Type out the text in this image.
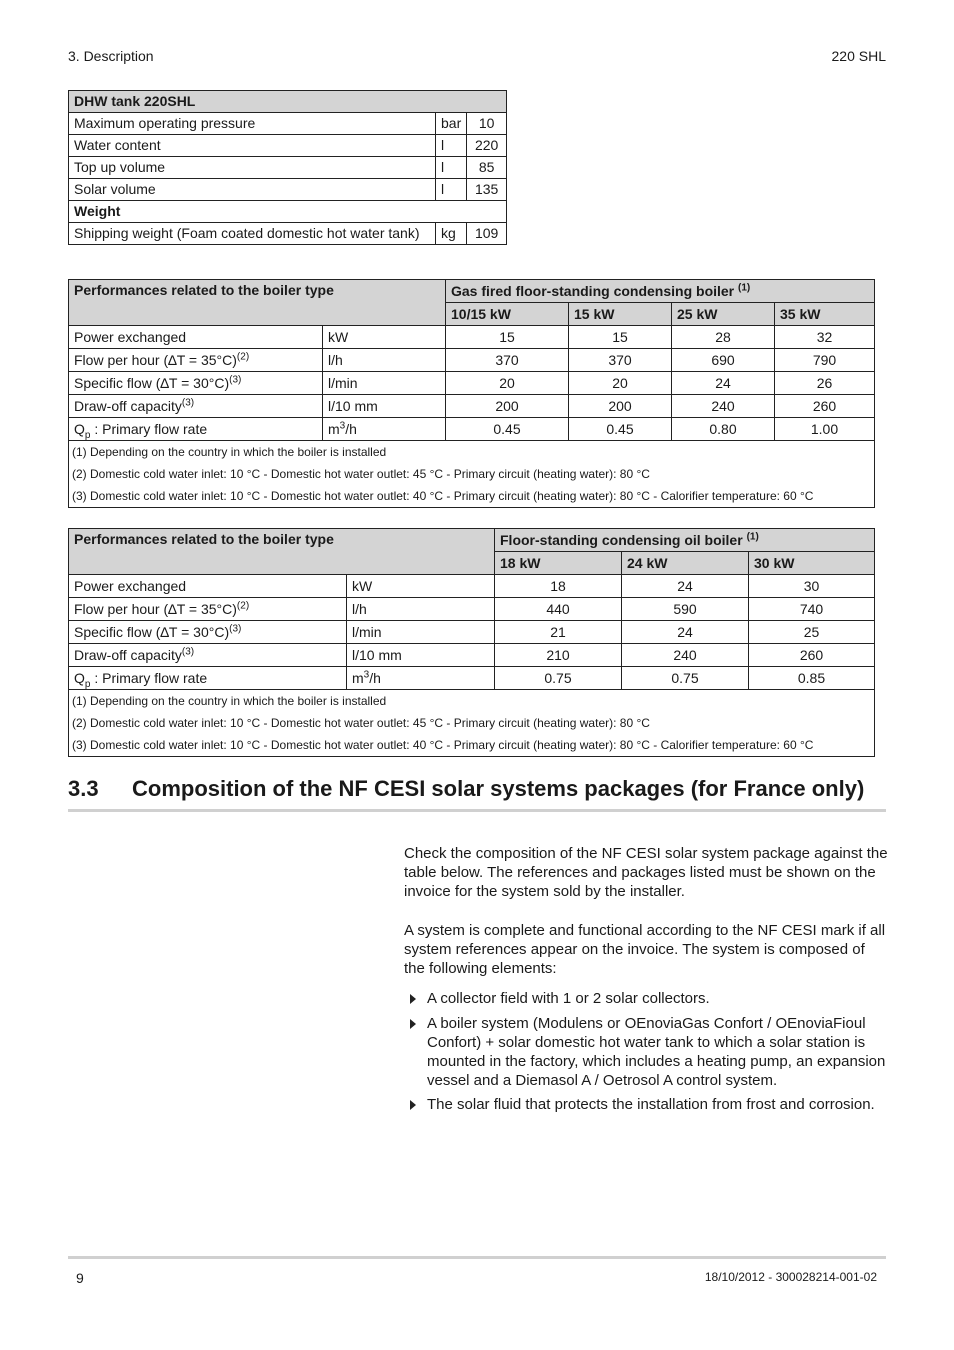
3. Description	220 SHL
DHW tank 220SHL		
Maximum operating pressure	bar	10
Water content	l	220
Top up volume	l	85
Solar volume	l	135
Weight		
Shipping weight (Foam coated domestic hot water tank)	kg	109
Performances related to the boiler type		Gas fired floor-standing condensing boiler $^{(1)}$
		10/15 kW	15 kW	25 kW	35 kW
Power exchanged	kW	15	15	28	32
Flow per hour (∆T = 35°C)$^{(2)}$	l/h	370	370	690	790
Specific flow (∆T = 30°C)$^{(3)}$	l/min	20	20	24	26
Draw-off capacity$^{(3)}$	l/10 mm	200	200	240	260
$Q_p$ : Primary flow rate	$m^3/h$	0.45	0.45	0.80	1.00

(1) Depending on the country in which the boiler is installed
(2) Domestic cold water inlet: 10 °C - Domestic hot water outlet: 45 °C - Primary circuit (heating water): 80 °C
(3) Domestic cold water inlet: 10 °C - Domestic hot water outlet: 40 °C - Primary circuit (heating water): 80 °C - Calorifier temperature: 60 °C					
Performances related to the boiler type		Floor-standing condensing oil boiler $^{(1)}$
		18 kW	24 kW	30 kW
Power exchanged	kW	18	24	30
Flow per hour (∆T = 35°C)$^{(2)}$	l/h	440	590	740
Specific flow (∆T = 30°C)$^{(3)}$	l/min	21	24	25
Draw-off capacity$^{(3)}$	l/10 mm	210	240	260
$Q_p$ : Primary flow rate	$m^3/h$	0.75	0.75	0.85

(1) Depending on the country in which the boiler is installed
(2) Domestic cold water inlet: 10 °C - Domestic hot water outlet: 45 °C - Primary circuit (heating water): 80 °C
(3) Domestic cold water inlet: 10 °C - Domestic hot water outlet: 40 °C - Primary circuit (heating water): 80 °C - Calorifier temperature: 60 °C				
3.3 Composition of the NF CESI solar systems packages (for France only)
Check the composition of the NF CESI solar system package against the table below. The references and packages listed must be shown on the invoice for the system sold by the installer.
A system is complete and functional according to the NF CESI mark if all system references appear on the invoice. The system is composed of the following elements:
A collector field with 1 or 2 solar collectors.
A boiler system (Modulens or OEnoviaGas Confort / OEnoviaFioul Confort) + solar domestic hot water tank to which a solar station is mounted in the factory, which includes a heating pump, an expansion vessel and a Diemasol A / Oetrosol A control system.
The solar fluid that protects the installation from frost and corrosion.
9	18/10/2012 - 300028214-001-02
